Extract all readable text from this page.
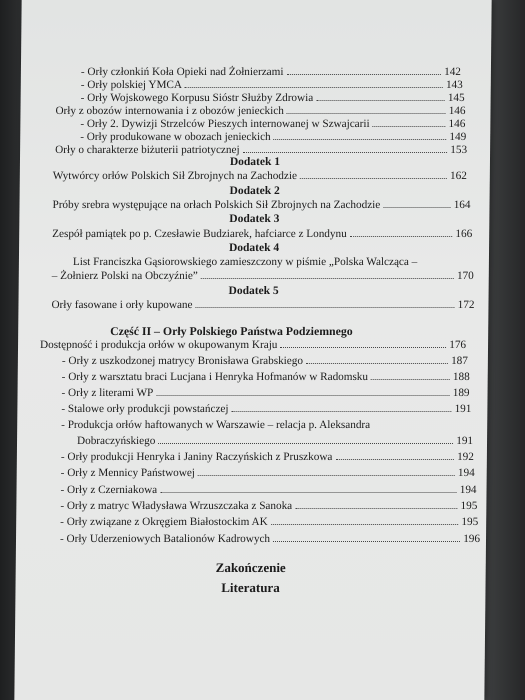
- Orły członkiń Koła Opieki nad Żołnierzami	142
- Orły polskiej YMCA	143
- Orły Wojskowego Korpusu Sióstr Służby Zdrowia	145
Orły z obozów internowania i z obozów jenieckich	146
- Orły 2. Dywizji Strzelców Pieszych internowanej w Szwajcarii	146
- Orły produkowane w obozach jenieckich	149
Orły o charakterze biżuterii patriotycznej	153
Dodatek 1
Wytwórcy orłów Polskich Sił Zbrojnych na Zachodzie	162
Dodatek 2
Próby srebra występujące na orłach Polskich Sił Zbrojnych na Zachodzie	164
Dodatek 3
Zespół pamiątek po p. Czesławie Budziarek, hafciarce z Londynu	166
Dodatek 4
List Franciszka Gąsiorowskiego zamieszczony w piśmie „Polska Walcząca –
– Żołnierz Polski na Obczyźnie”	170
Dodatek 5
Orły fasowane i orły kupowane	172
Część II – Orły Polskiego Państwa Podziemnego
Dostępność i produkcja orłów w okupowanym Kraju	176
- Orły z uszkodzonej matrycy Bronisława Grabskiego	187
- Orły z warsztatu braci Lucjana i Henryka Hofmanów w Radomsku	188
- Orły z literami WP	189
- Stalowe orły produkcji powstańczej	191
- Produkcja orłów haftowanych w Warszawie – relacja p. Aleksandra
Dobraczyńskiego	191
- Orły produkcji Henryka i Janiny Raczyńskich z Pruszkowa	192
- Orły z Mennicy Państwowej	194
- Orły z Czerniakowa	194
- Orły z matryc Władysława Wrzuszczaka z Sanoka	195
- Orły związane z Okręgiem Białostockim AK	195
- Orły Uderzeniowych Batalionów Kadrowych	196
Zakończenie
Literatura
